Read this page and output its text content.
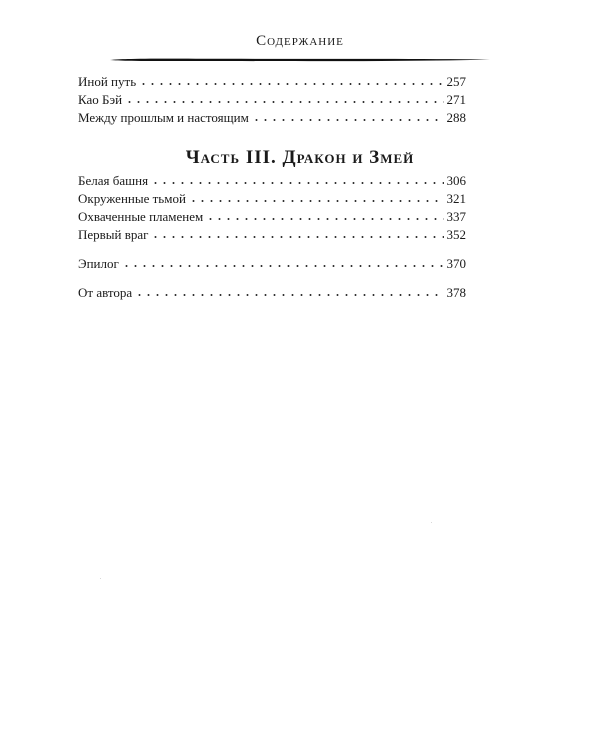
Содержание
Иной путь	257
Као Бэй	271
Между прошлым и настоящим	288
Часть III. Дракон и Змей
Белая башня	306
Окруженные тьмой	321
Охваченные пламенем	337
Первый враг	352
Эпилог	370
От автора	378
